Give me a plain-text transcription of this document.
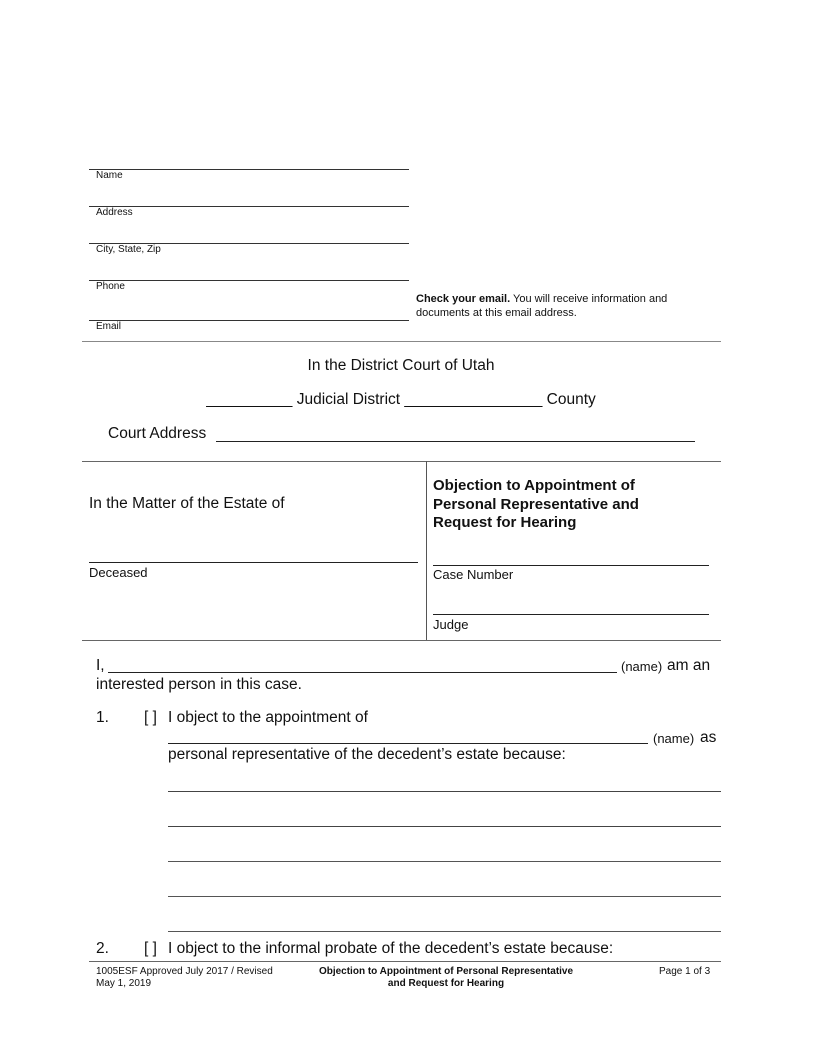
Name
Address
City, State, Zip
Phone
Email
Check your email. You will receive information and
documents at this email address.
In the District Court of Utah
__________ Judicial District ________________ County
Court Address
In the Matter of the Estate of
Deceased
Objection to Appointment of
Personal Representative and
Request for Hearing
Case Number
Judge
I,	(name) am an
interested person in this case.
1. [ ] I object to the appointment of
(name) as
personal representative of the decedent’s estate because:
2. [ ] I object to the informal probate of the decedent’s estate because:
1005ESF Approved July 2017 / Revised
May 1, 2019
Objection to Appointment of Personal Representative
and Request for Hearing
Page 1 of 3
